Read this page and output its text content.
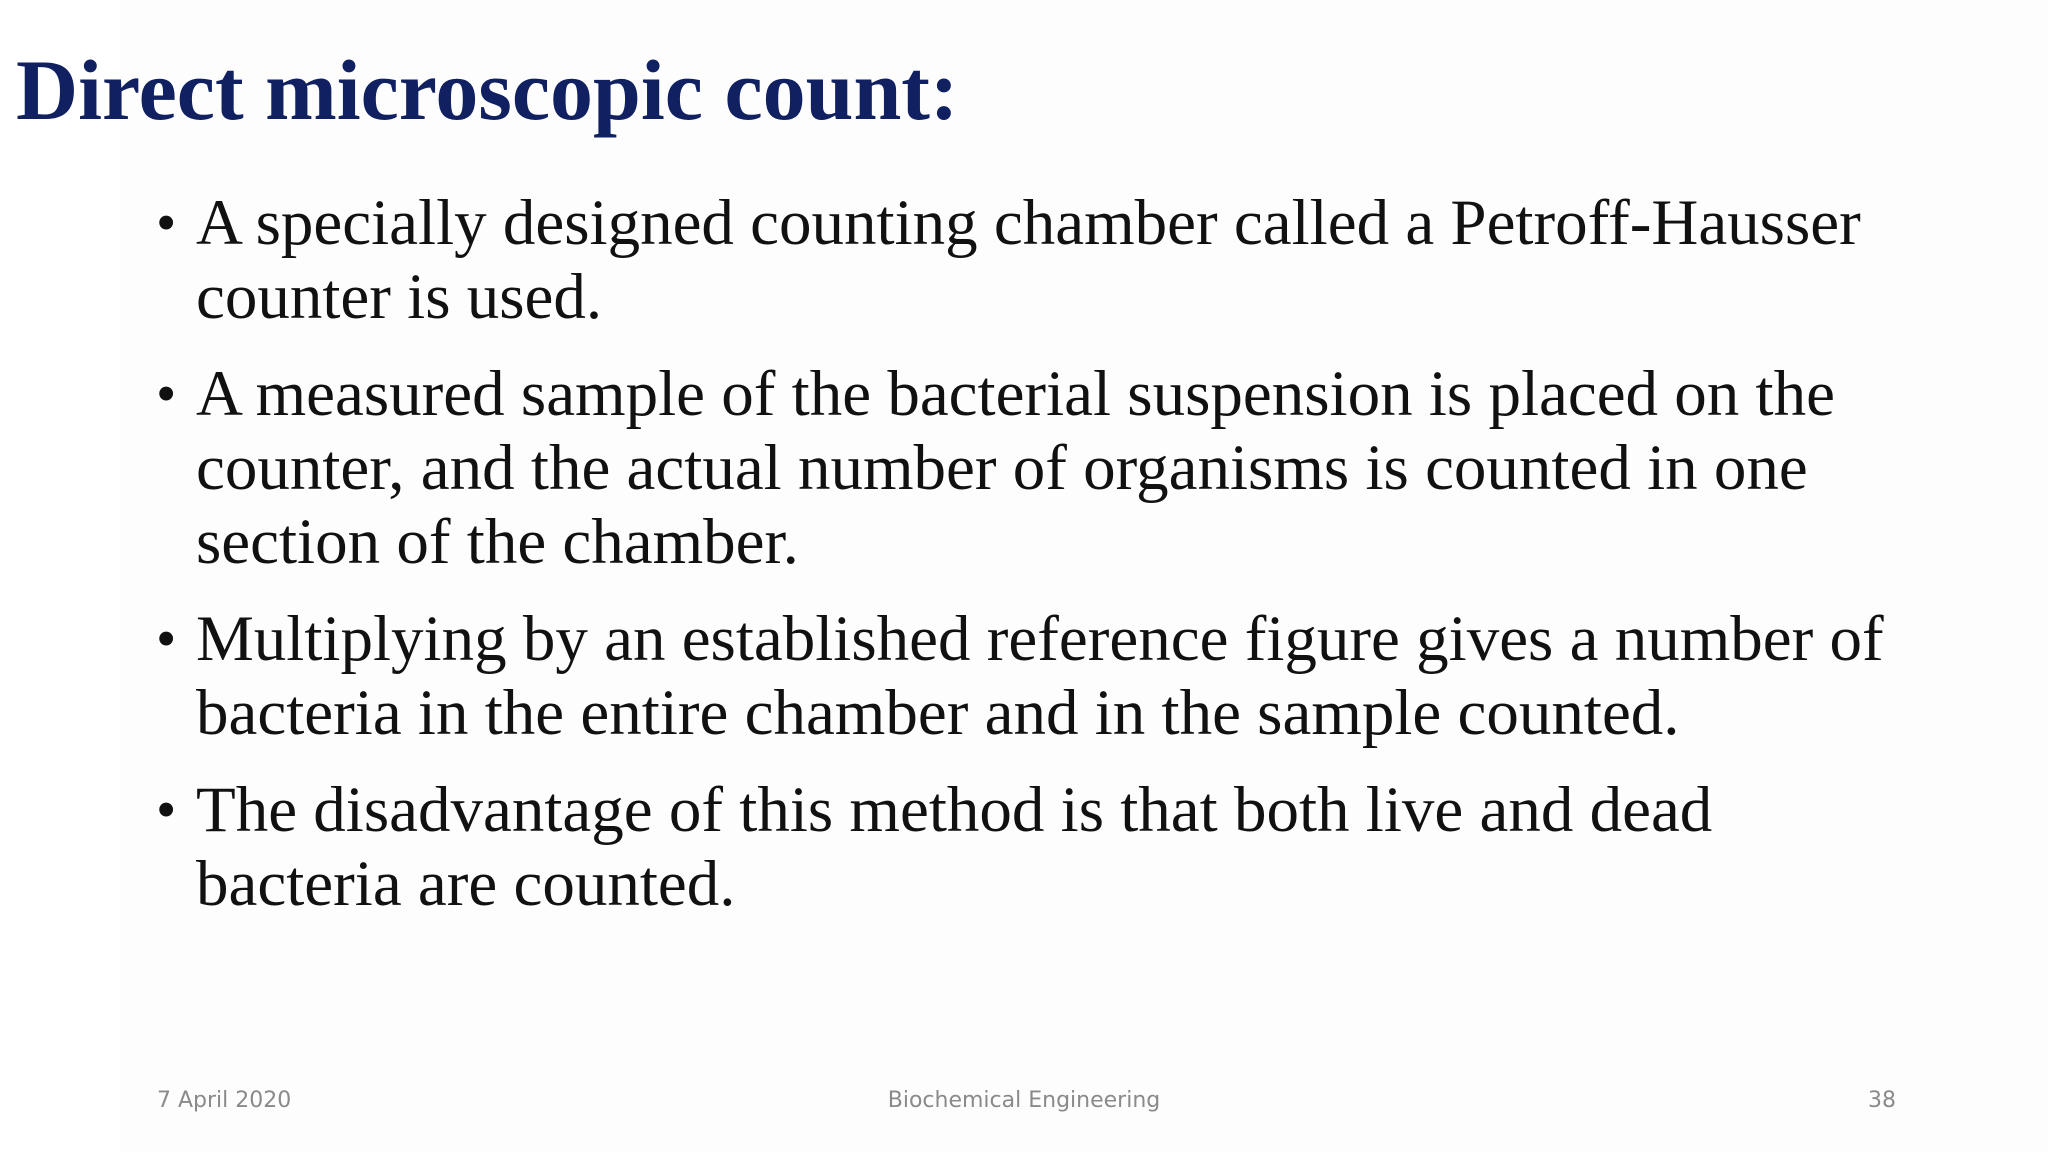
Direct microscopic count:
• A specially designed counting chamber called a Petroff-Hausser counter is used.
• A measured sample of the bacterial suspension is placed on the counter, and the actual number of organisms is counted in one section of the chamber.
• Multiplying by an established reference figure gives a number of bacteria in the entire chamber and in the sample counted.
• The disadvantage of this method is that both live and dead bacteria are counted.
7 April 2020	Biochemical Engineering	38
